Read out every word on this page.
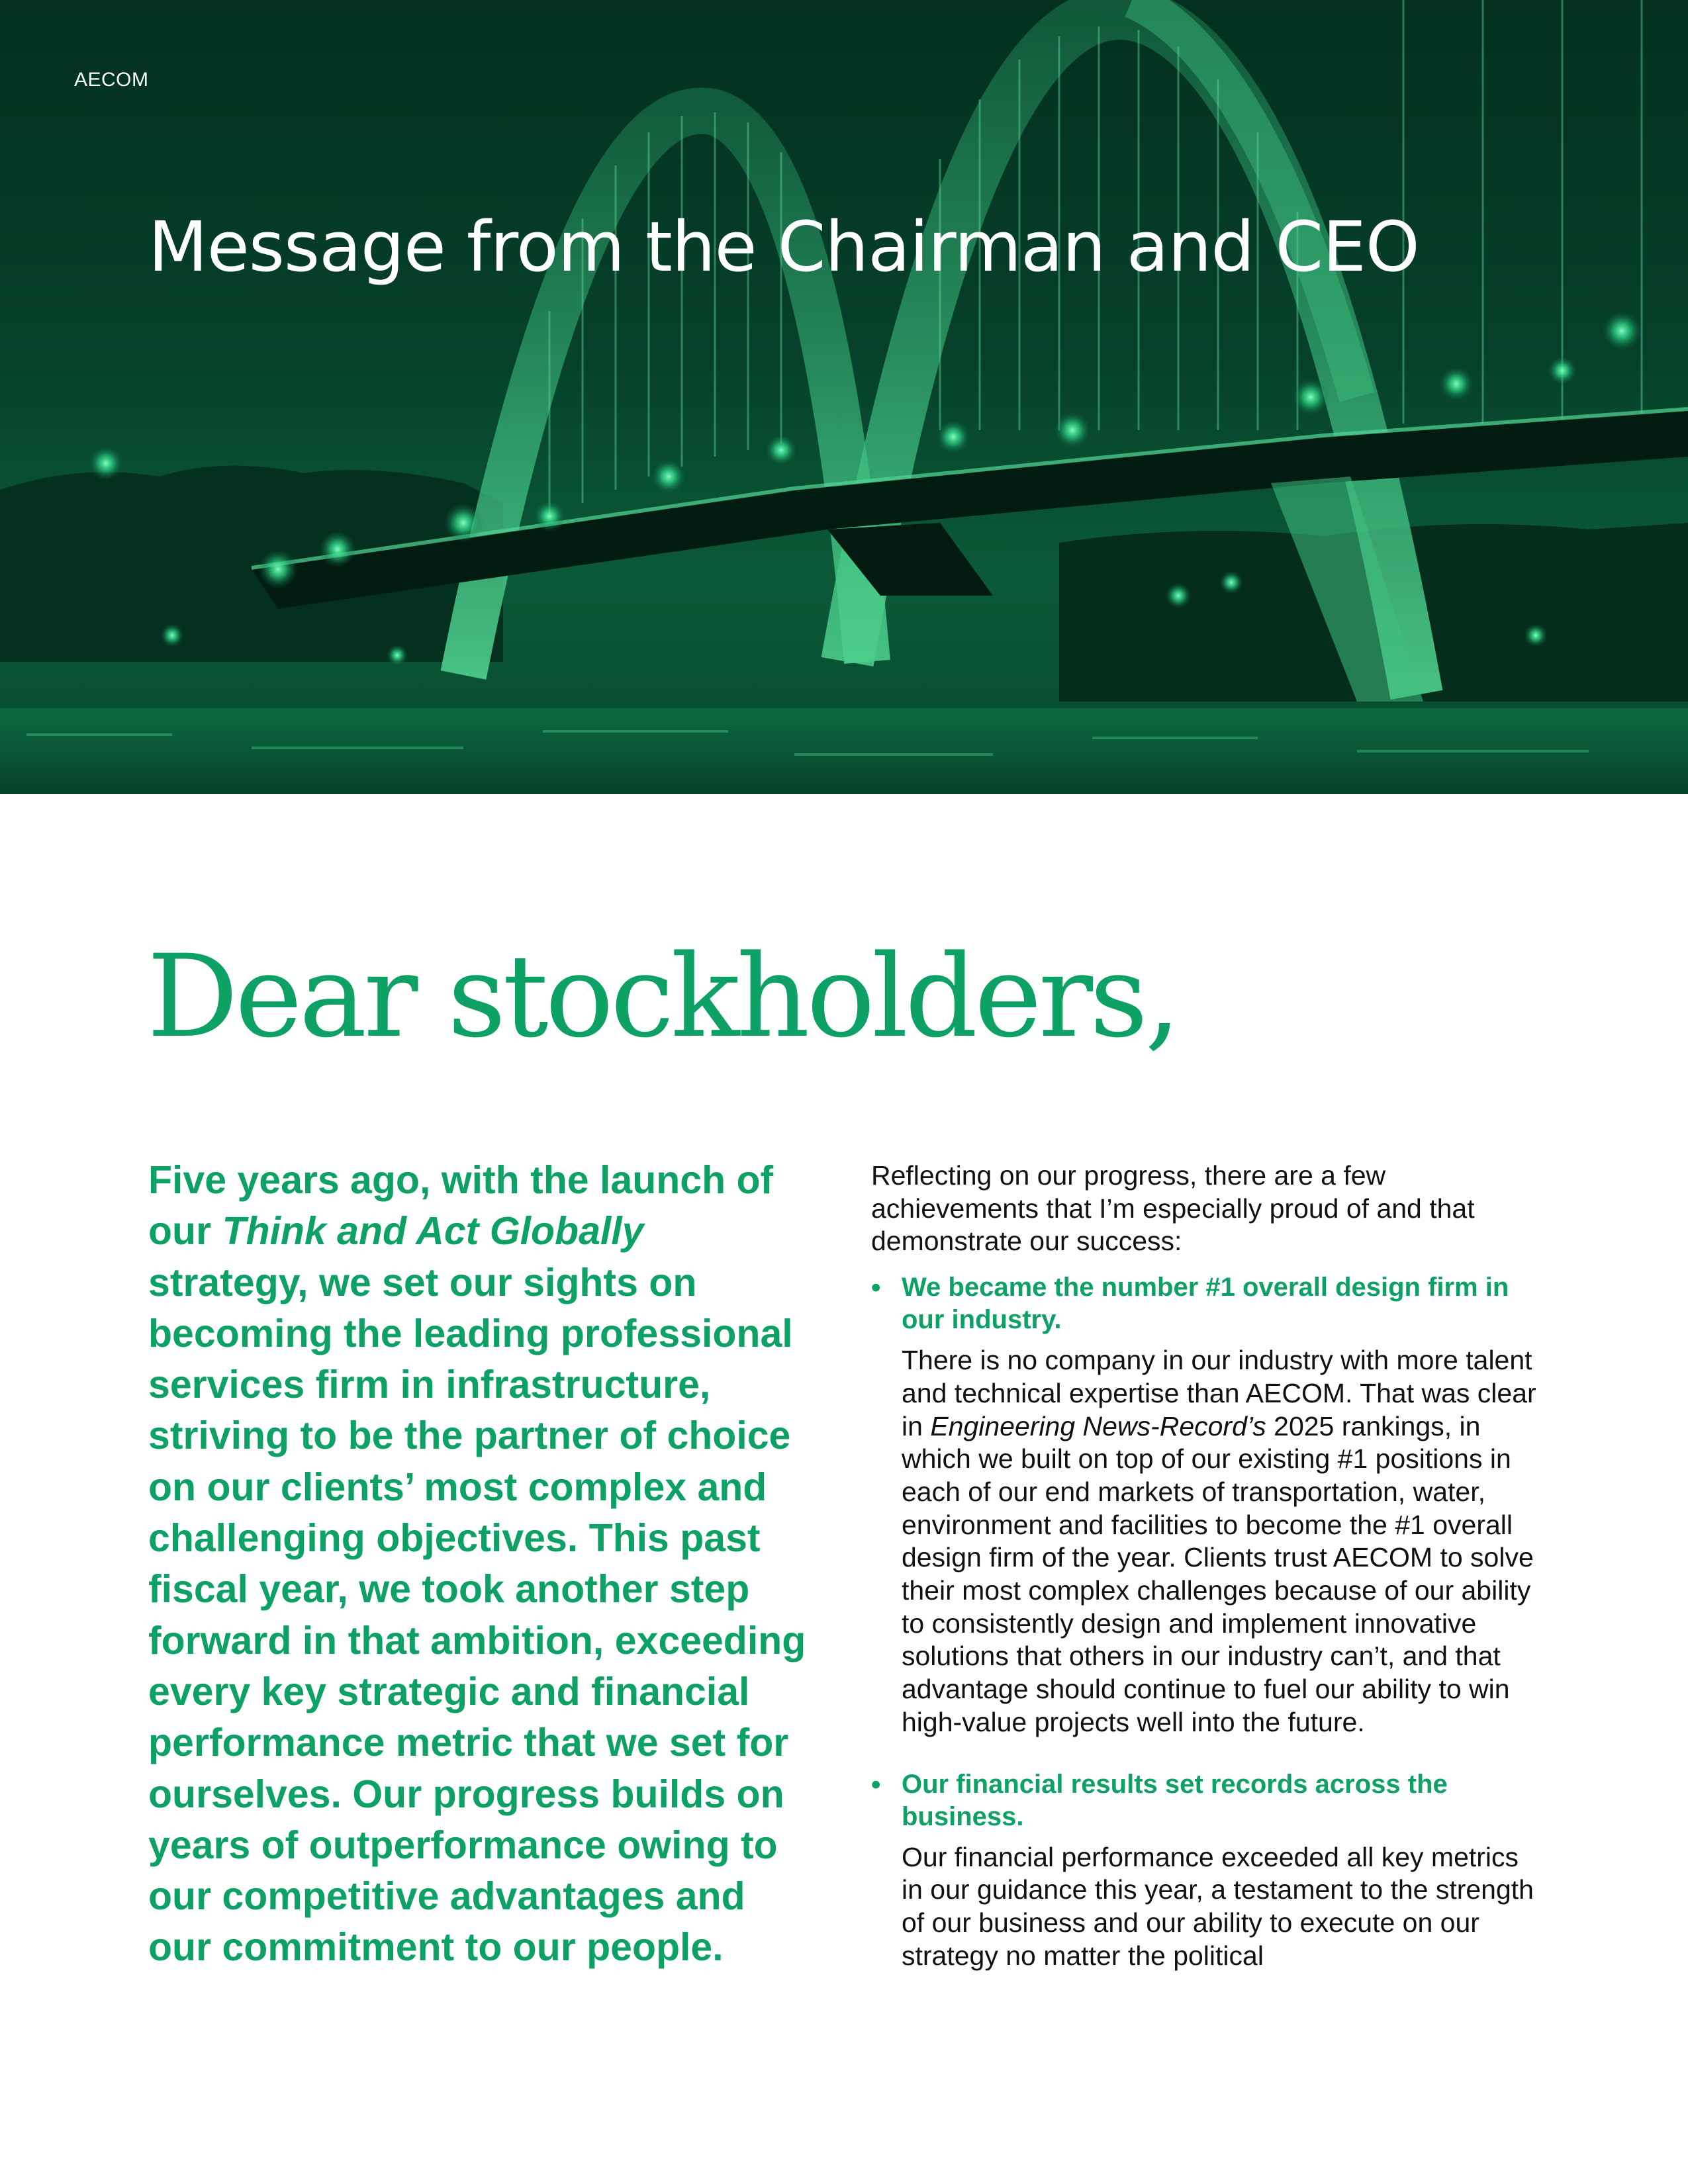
AECOM
Message from the Chairman and CEO
Dear stockholders,

Five years ago, with the launch of our Think and Act Globally strategy, we set our sights on becoming the leading professional services firm in infrastructure, striving to be the partner of choice on our clients’ most complex and challenging objectives. This past fiscal year, we took another step forward in that ambition, exceeding every key strategic and financial performance metric that we set for ourselves. Our progress builds on years of outperformance owing to our competitive advantages and our commitment to our people.

Reflecting on our progress, there are a few achievements that I’m especially proud of and that demonstrate our success:

• We became the number #1 overall design firm in our industry.

There is no company in our industry with more talent and technical expertise than AECOM. That was clear in Engineering News-Record’s 2025 rankings, in which we built on top of our existing #1 positions in each of our end markets of transportation, water, environment and facilities to become the #1 overall design firm of the year. Clients trust AECOM to solve their most complex challenges because of our ability to consistently design and implement innovative solutions that others in our industry can’t, and that advantage should continue to fuel our ability to win high-value projects well into the future.

• Our financial results set records across the business.

Our financial performance exceeded all key metrics in our guidance this year, a testament to the strength of our business and our ability to execute on our strategy no matter the political
